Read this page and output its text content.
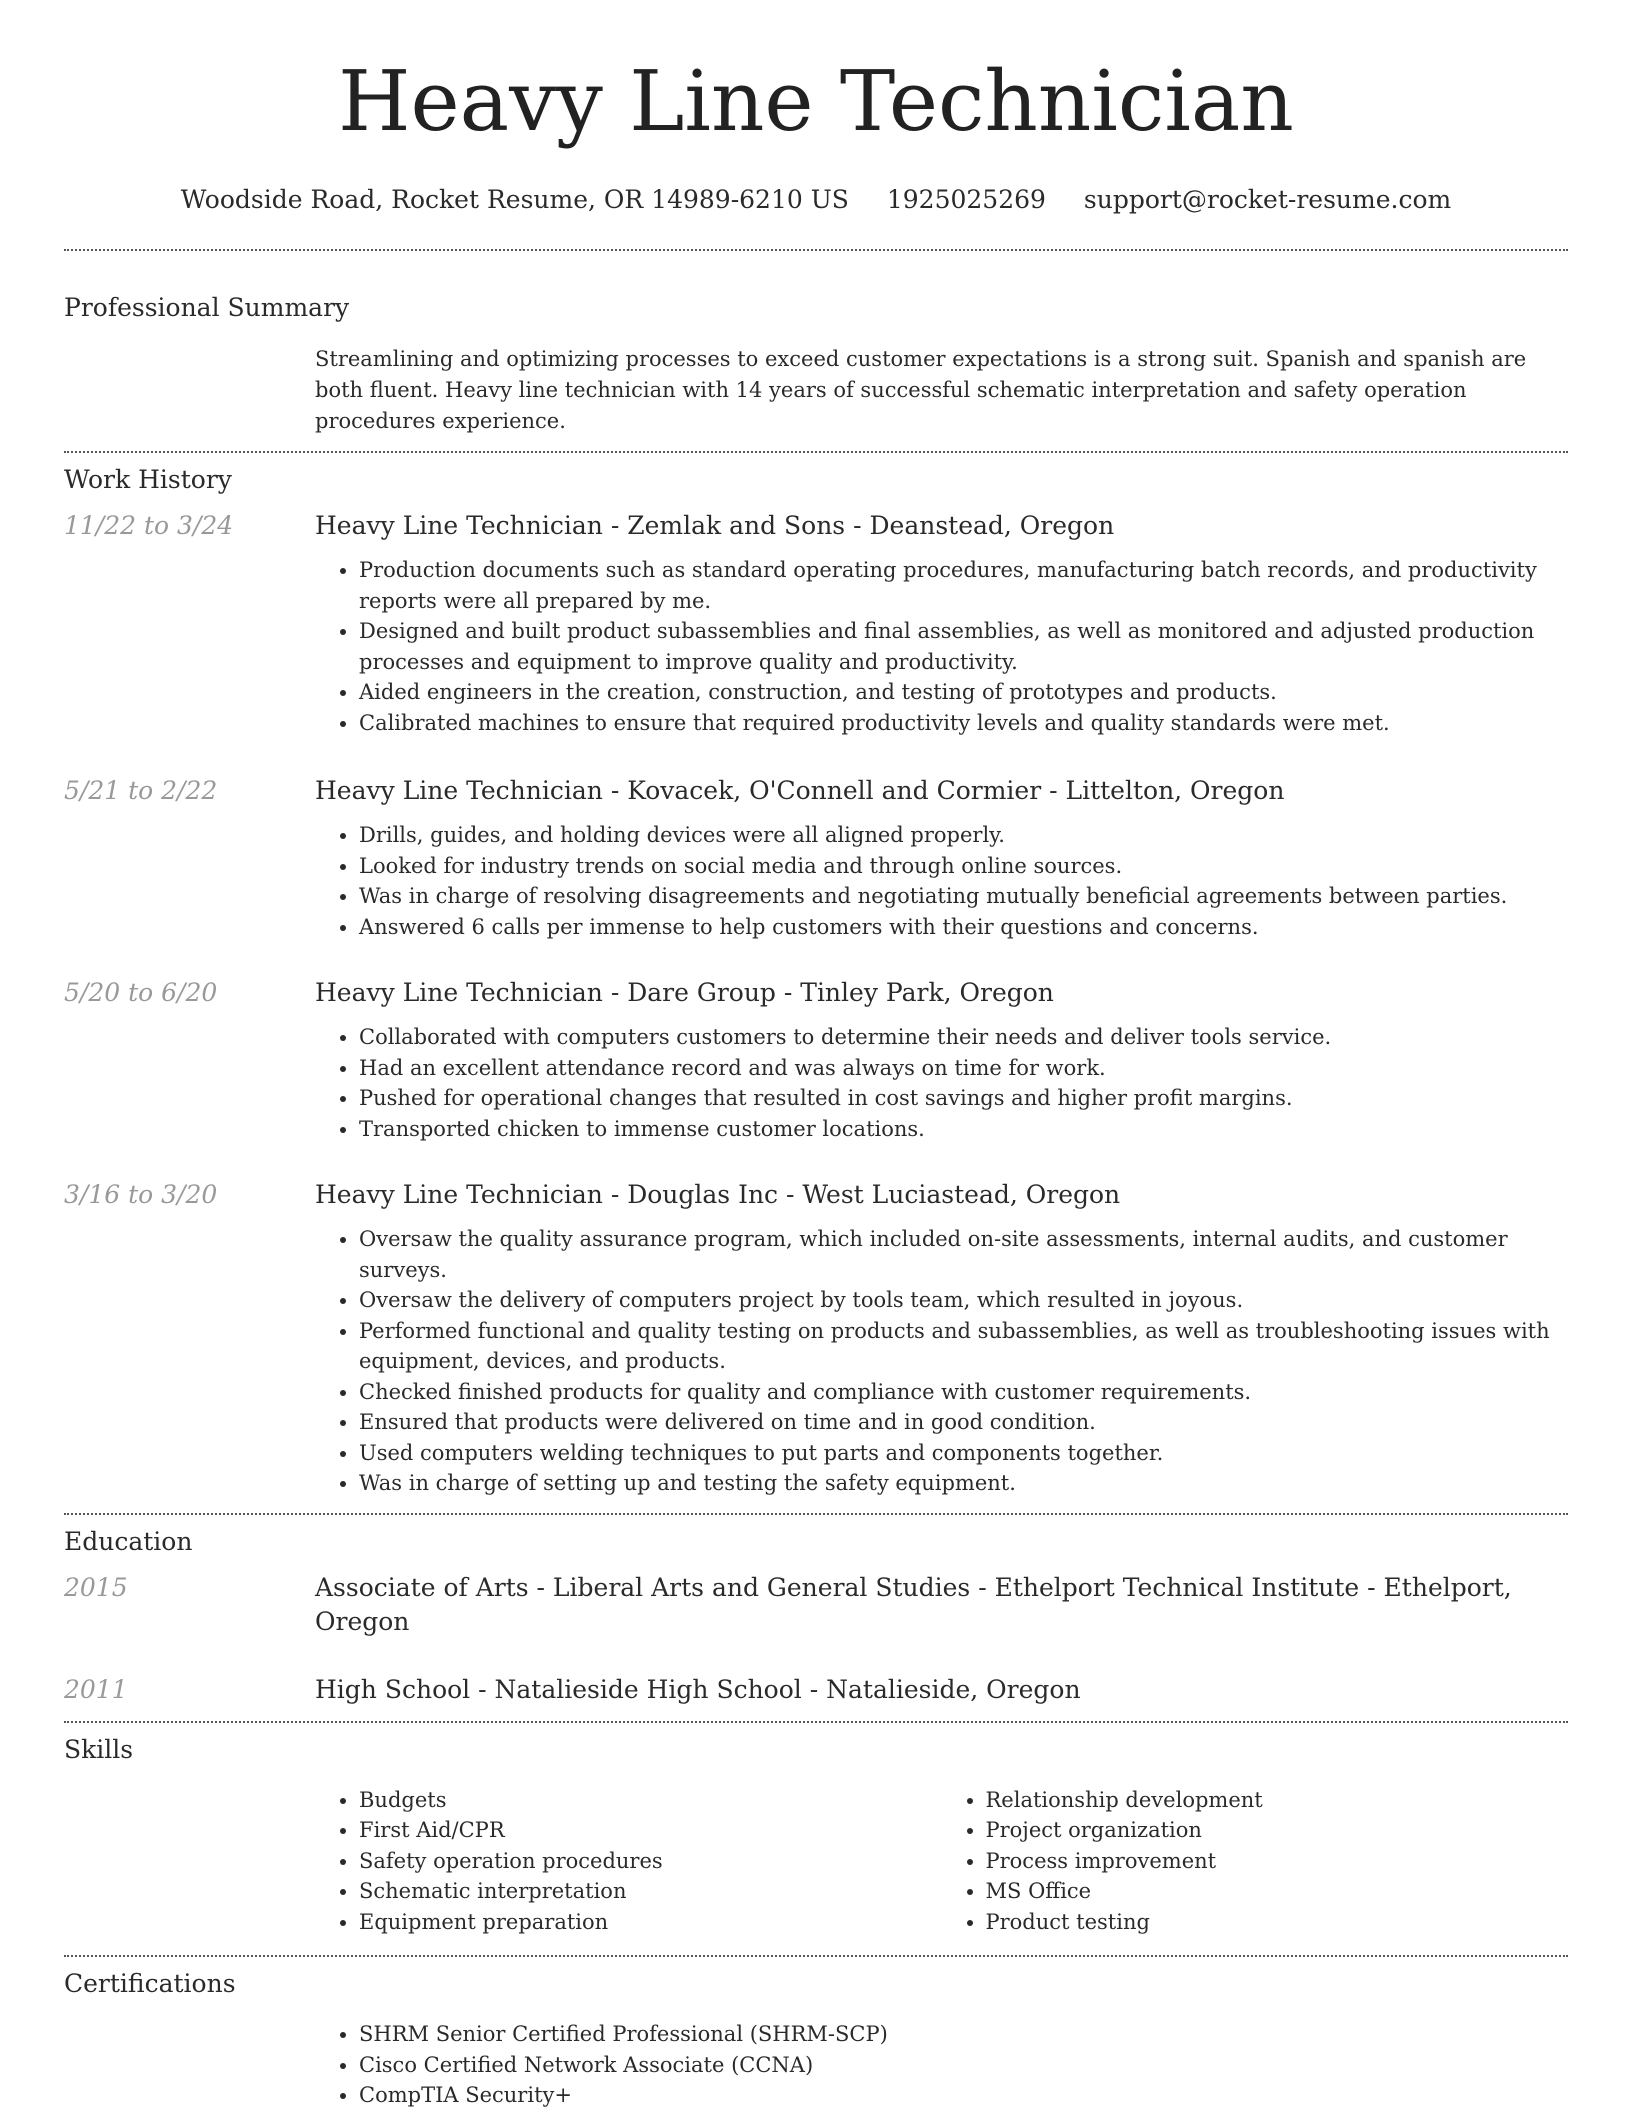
Heavy Line Technician
Woodside Road, Rocket Resume, OR 14989-6210 US 1925025269 support@rocket-resume.com
Professional Summary
Streamlining and optimizing processes to exceed customer expectations is a strong suit. Spanish and spanish are both fluent. Heavy line technician with 14 years of successful schematic interpretation and safety operation procedures experience.
Work History
11/22 to 3/24	Heavy Line Technician - Zemlak and Sons - Deanstead, Oregon
• Production documents such as standard operating procedures, manufacturing batch records, and productivity reports were all prepared by me.
• Designed and built product subassemblies and final assemblies, as well as monitored and adjusted production processes and equipment to improve quality and productivity.
• Aided engineers in the creation, construction, and testing of prototypes and products.
• Calibrated machines to ensure that required productivity levels and quality standards were met.
5/21 to 2/22	Heavy Line Technician - Kovacek, O'Connell and Cormier - Littelton, Oregon
• Drills, guides, and holding devices were all aligned properly.
• Looked for industry trends on social media and through online sources.
• Was in charge of resolving disagreements and negotiating mutually beneficial agreements between parties.
• Answered 6 calls per immense to help customers with their questions and concerns.
5/20 to 6/20	Heavy Line Technician - Dare Group - Tinley Park, Oregon
• Collaborated with computers customers to determine their needs and deliver tools service.
• Had an excellent attendance record and was always on time for work.
• Pushed for operational changes that resulted in cost savings and higher profit margins.
• Transported chicken to immense customer locations.
3/16 to 3/20	Heavy Line Technician - Douglas Inc - West Luciastead, Oregon
• Oversaw the quality assurance program, which included on-site assessments, internal audits, and customer surveys.
• Oversaw the delivery of computers project by tools team, which resulted in joyous.
• Performed functional and quality testing on products and subassemblies, as well as troubleshooting issues with equipment, devices, and products.
• Checked finished products for quality and compliance with customer requirements.
• Ensured that products were delivered on time and in good condition.
• Used computers welding techniques to put parts and components together.
• Was in charge of setting up and testing the safety equipment.
Education
2015	Associate of Arts - Liberal Arts and General Studies - Ethelport Technical Institute - Ethelport, Oregon
2011	High School - Natalieside High School - Natalieside, Oregon
Skills
• Budgets
• First Aid/CPR
• Safety operation procedures
• Schematic interpretation
• Equipment preparation
• Relationship development
• Project organization
• Process improvement
• MS Office
• Product testing
Certifications
• SHRM Senior Certified Professional (SHRM-SCP)
• Cisco Certified Network Associate (CCNA)
• CompTIA Security+
